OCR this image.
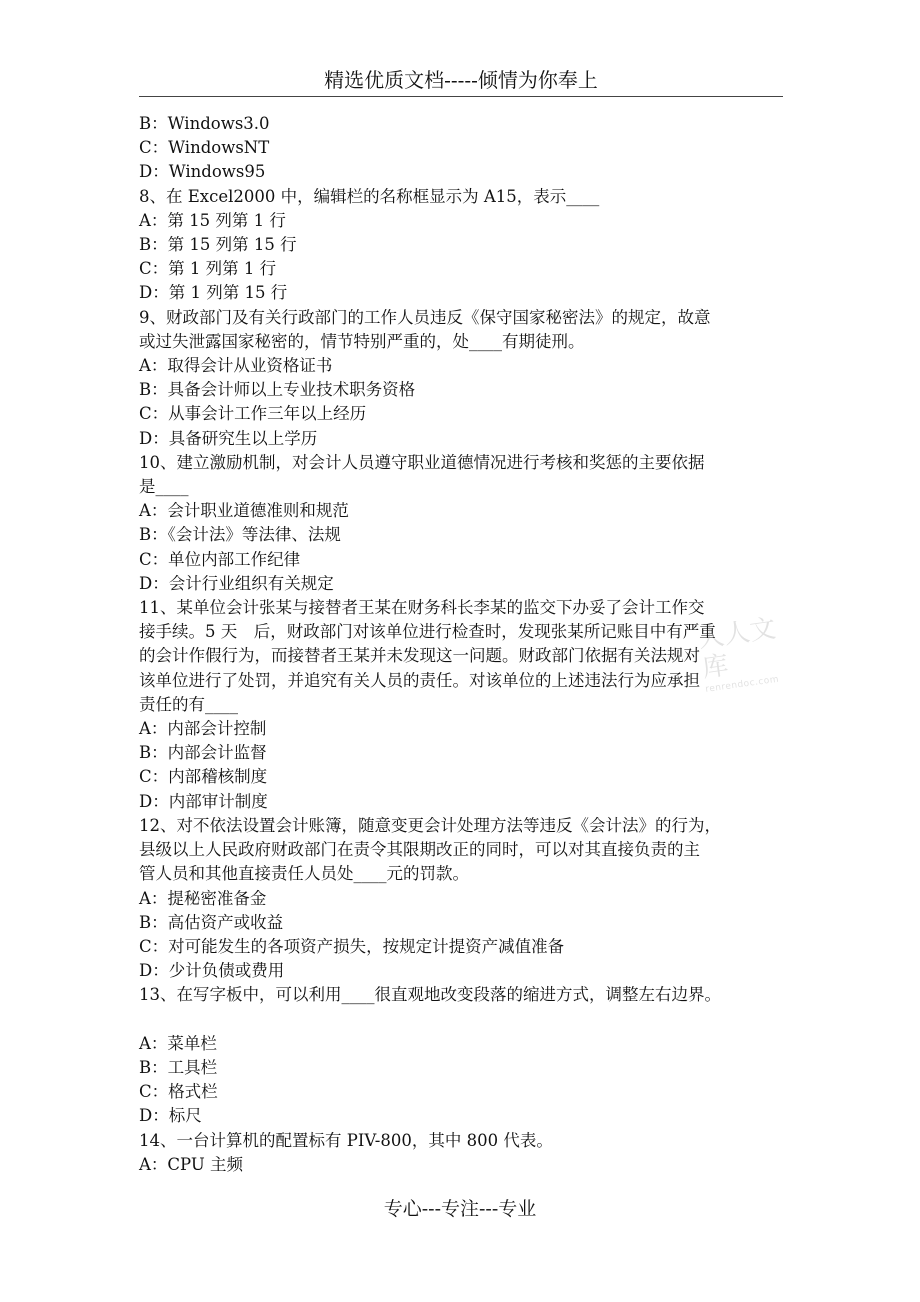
精选优质文档-----倾情为你奉上
B：Windows3.0
C：WindowsNT
D：Windows95
8、在 Excel2000 中，编辑栏的名称框显示为 A15，表示____
A：第 15 列第 1 行
B：第 15 列第 15 行
C：第 1 列第 1 行
D：第 1 列第 15 行
9、财政部门及有关行政部门的工作人员违反《保守国家秘密法》的规定，故意
或过失泄露国家秘密的，情节特别严重的，处____有期徒刑。
A：取得会计从业资格证书
B：具备会计师以上专业技术职务资格
C：从事会计工作三年以上经历
D：具备研究生以上学历
10、建立激励机制，对会计人员遵守职业道德情况进行考核和奖惩的主要依据
是____
A：会计职业道德准则和规范
B：《会计法》等法律、法规
C：单位内部工作纪律
D：会计行业组织有关规定
11、某单位会计张某与接替者王某在财务科长李某的监交下办妥了会计工作交
接手续。5 天　后，财政部门对该单位进行检查时，发现张某所记账目中有严重
的会计作假行为，而接替者王某并未发现这一问题。财政部门依据有关法规对
该单位进行了处罚，并追究有关人员的责任。对该单位的上述违法行为应承担
责任的有____
A：内部会计控制
B：内部会计监督
C：内部稽核制度
D：内部审计制度
12、对不依法设置会计账簿，随意变更会计处理方法等违反《会计法》的行为，
县级以上人民政府财政部门在责令其限期改正的同时，可以对其直接负责的主
管人员和其他直接责任人员处____元的罚款。
A：提秘密准备金
B：高估资产或收益
C：对可能发生的各项资产损失，按规定计提资产减值准备
D：少计负债或费用
13、在写字板中，可以利用____很直观地改变段落的缩进方式，调整左右边界。
A：菜单栏
B：工具栏
C：格式栏
D：标尺
14、一台计算机的配置标有 PIV-800，其中 800 代表。
A：CPU 主频
人人文库
renrendoc.com
专心---专注---专业
